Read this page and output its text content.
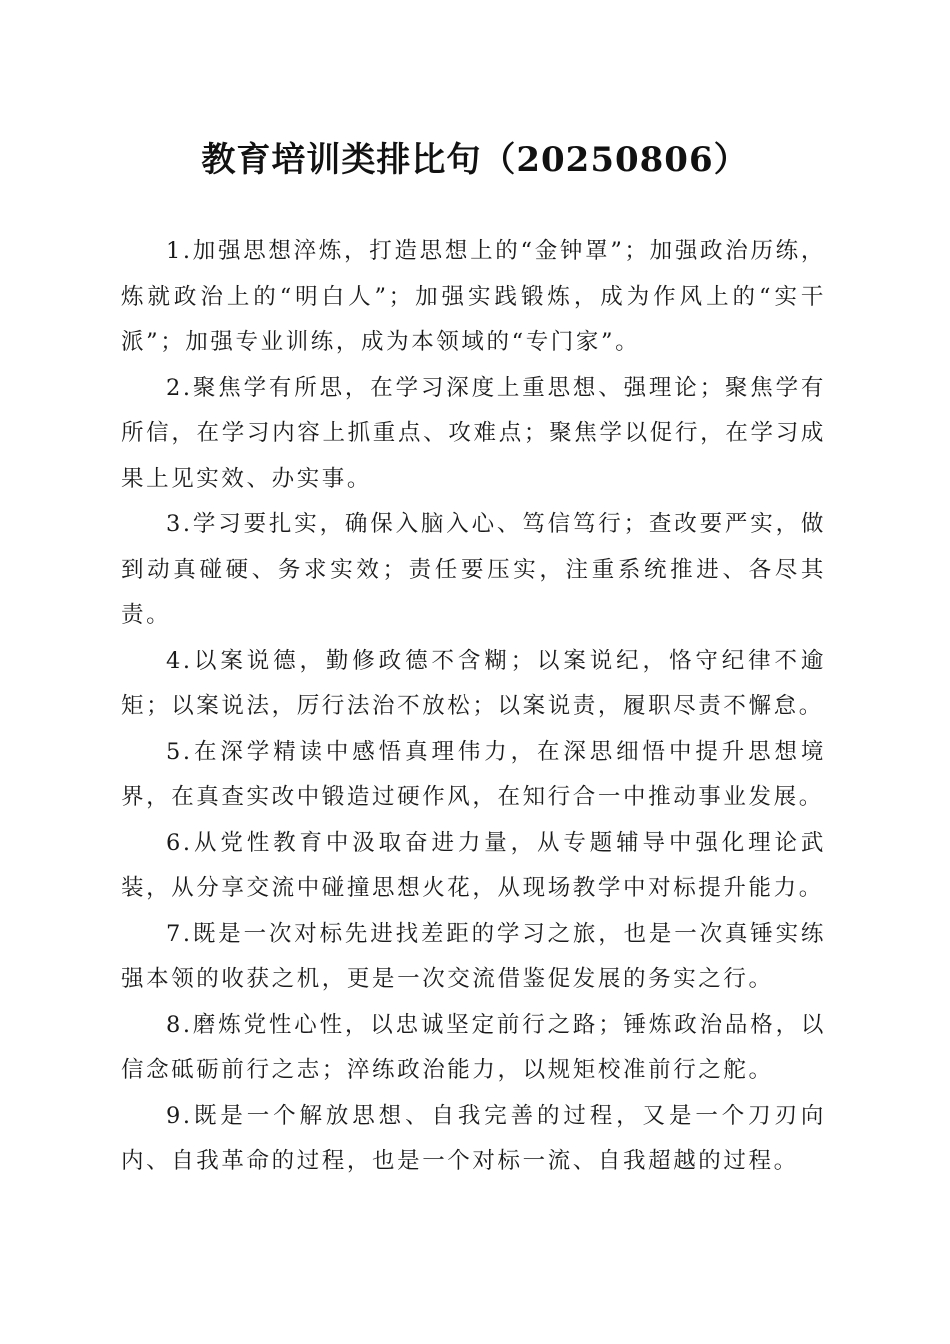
教育培训类排比句（20250806）

1.加强思想淬炼，打造思想上的“金钟罩”；加强政治历练，炼就政治上的“明白人”；加强实践锻炼，成为作风上的“实干派”；加强专业训练，成为本领域的“专门家”。

2.聚焦学有所思，在学习深度上重思想、强理论；聚焦学有所信，在学习内容上抓重点、攻难点；聚焦学以促行，在学习成果上见实效、办实事。

3.学习要扎实，确保入脑入心、笃信笃行；查改要严实，做到动真碰硬、务求实效；责任要压实，注重系统推进、各尽其责。

4.以案说德，勤修政德不含糊；以案说纪，恪守纪律不逾矩；以案说法，厉行法治不放松；以案说责，履职尽责不懈怠。

5.在深学精读中感悟真理伟力，在深思细悟中提升思想境界，在真查实改中锻造过硬作风，在知行合一中推动事业发展。

6.从党性教育中汲取奋进力量，从专题辅导中强化理论武装，从分享交流中碰撞思想火花，从现场教学中对标提升能力。

7.既是一次对标先进找差距的学习之旅，也是一次真锤实练强本领的收获之机，更是一次交流借鉴促发展的务实之行。

8.磨炼党性心性，以忠诚坚定前行之路；锤炼政治品格，以信念砥砺前行之志；淬练政治能力，以规矩校准前行之舵。

9.既是一个解放思想、自我完善的过程，又是一个刀刃向内、自我革命的过程，也是一个对标一流、自我超越的过程。
